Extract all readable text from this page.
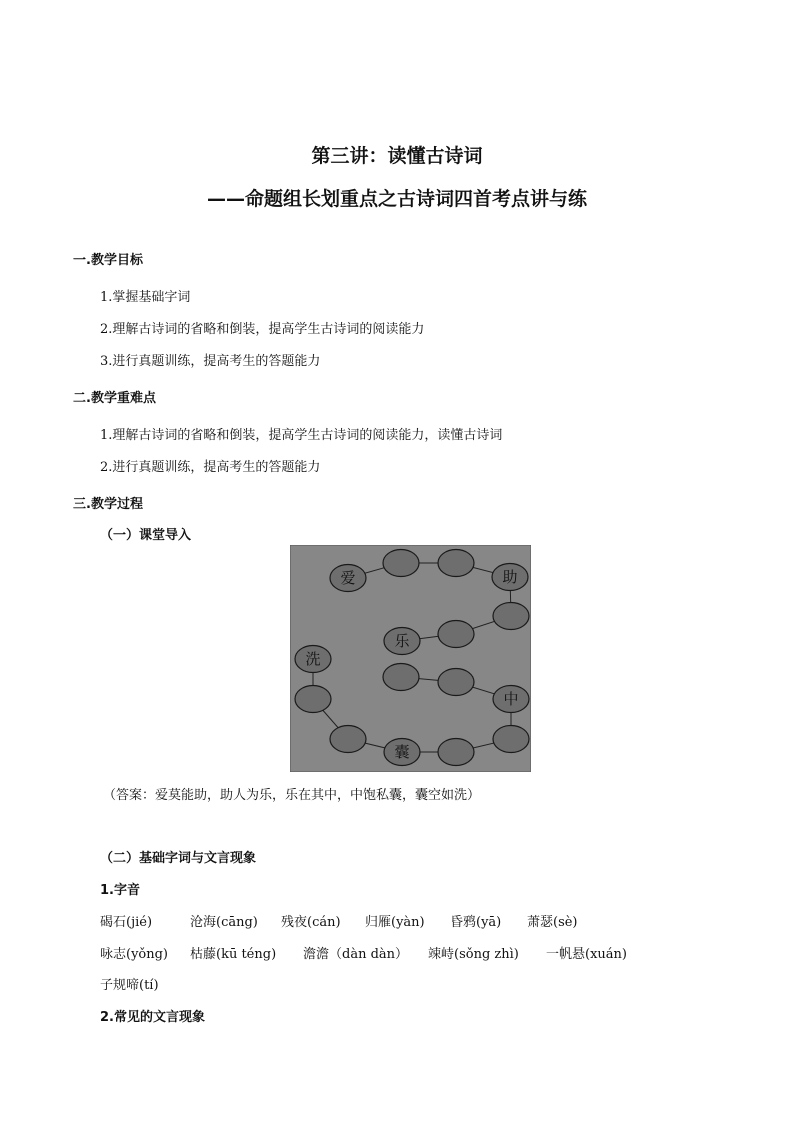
第三讲：读懂古诗词
——命题组长划重点之古诗词四首考点讲与练
一.教学目标
1.掌握基础字词
2.理解古诗词的省略和倒装，提高学生古诗词的阅读能力
3.进行真题训练，提高考生的答题能力
二.教学重难点
1.理解古诗词的省略和倒装，提高学生古诗词的阅读能力，读懂古诗词
2.进行真题训练，提高考生的答题能力
三.教学过程
（一）课堂导入
爱	助
乐
洗
中
囊
（答案：爱莫能助，助人为乐，乐在其中，中饱私囊，囊空如洗）
（二）基础字词与文言现象
1.字音
碣石(jié)	沧海(cāng) 残夜(cán) 归雁(yàn) 昏鸦(yā) 萧瑟(sè)
咏志(yǒng) 枯藤(kū téng) 澹澹（dàn dàn） 竦峙(sǒng zhì) 一帆悬(xuán)
子规啼(tí)
2.常见的文言现象
